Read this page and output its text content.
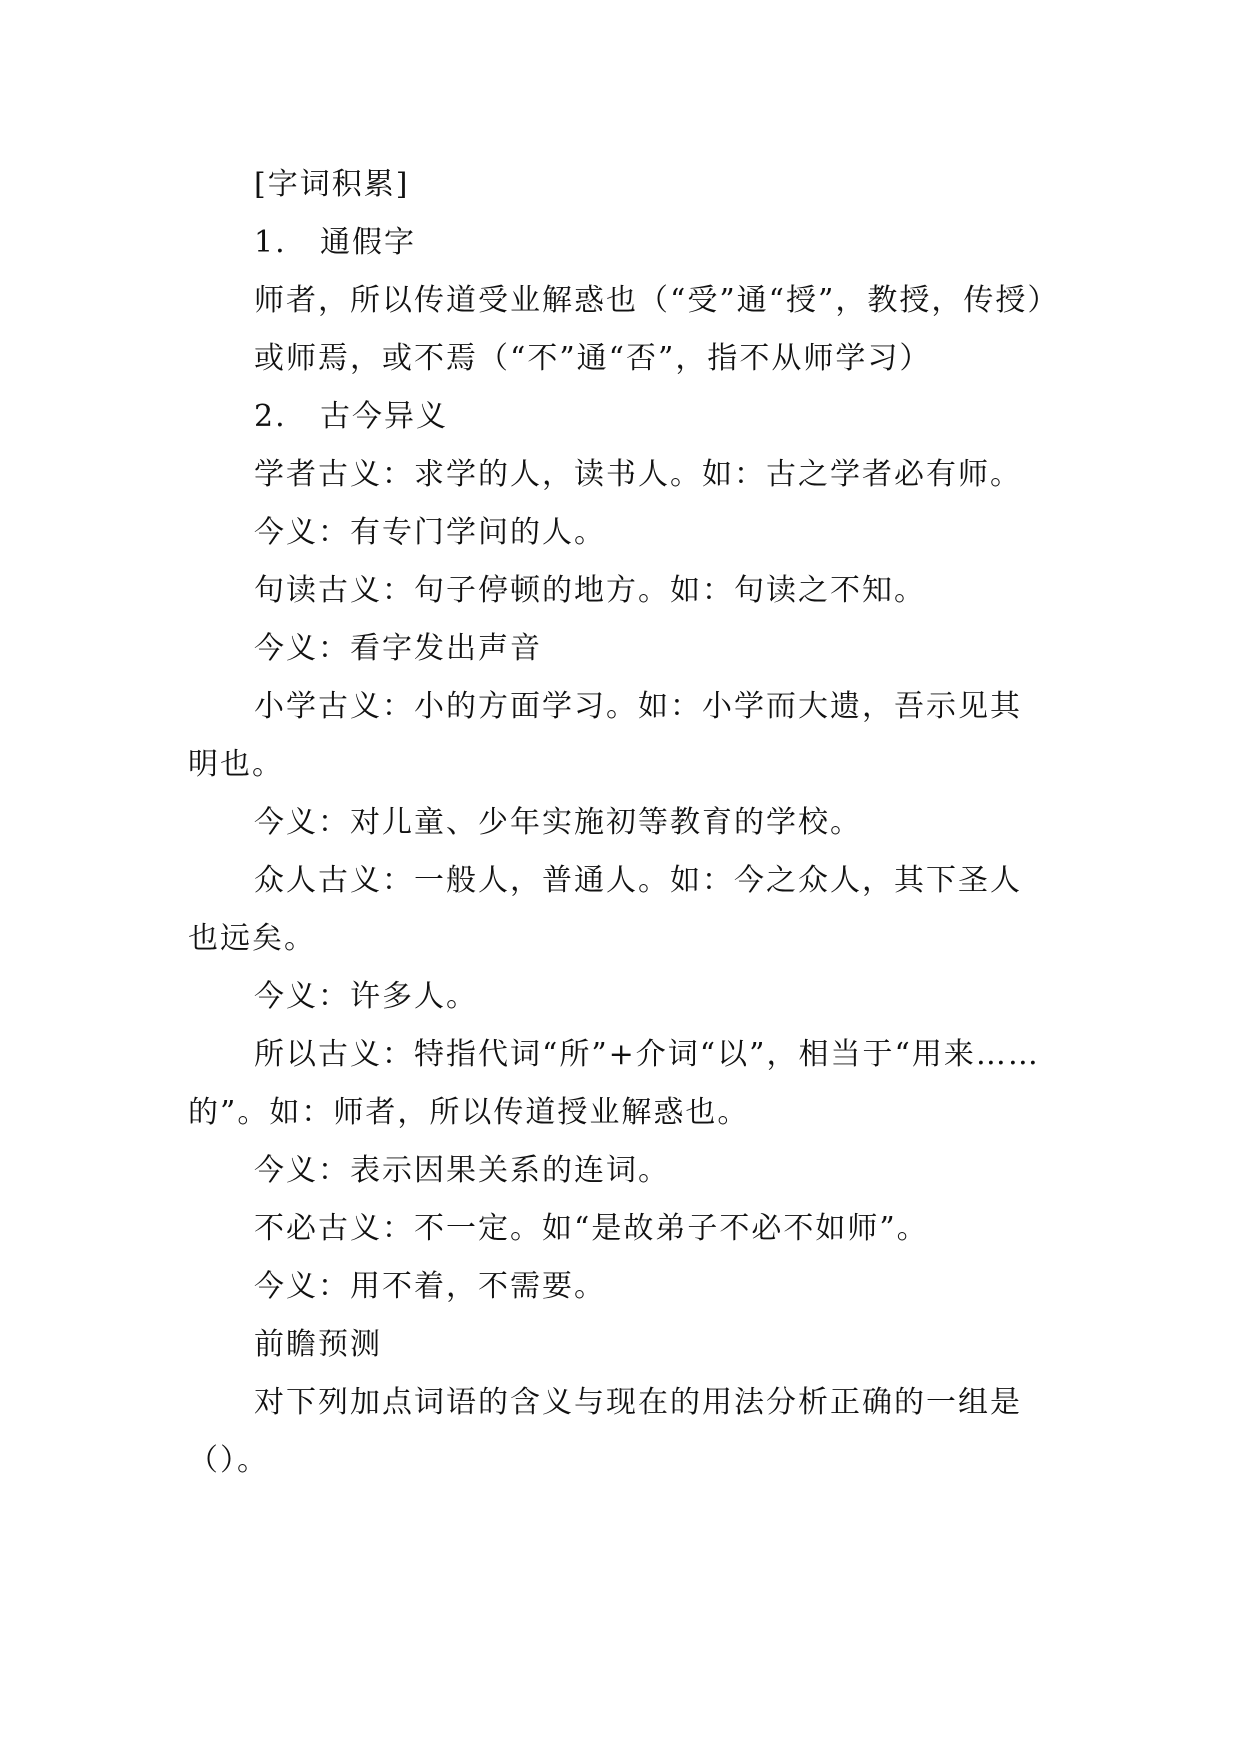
[字词积累]

1. 通假字

师者，所以传道受业解惑也（“受”通“授”，教授，传授）

或师焉，或不焉（“不”通“否”，指不从师学习）

2. 古今异义

学者古义：求学的人，读书人。如：古之学者必有师。

今义：有专门学问的人。

句读古义：句子停顿的地方。如：句读之不知。

今义：看字发出声音

小学古义：小的方面学习。如：小学而大遗，吾示见其明也。

今义：对儿童、少年实施初等教育的学校。

众人古义：一般人，普通人。如：今之众人，其下圣人也远矣。

今义：许多人。

所以古义：特指代词“所”+介词“以”，相当于“用来……的”。如：师者，所以传道授业解惑也。

今义：表示因果关系的连词。

不必古义：不一定。如“是故弟子不必不如师”。

今义：用不着，不需要。

前瞻预测

对下列加点词语的含义与现在的用法分析正确的一组是（）。
